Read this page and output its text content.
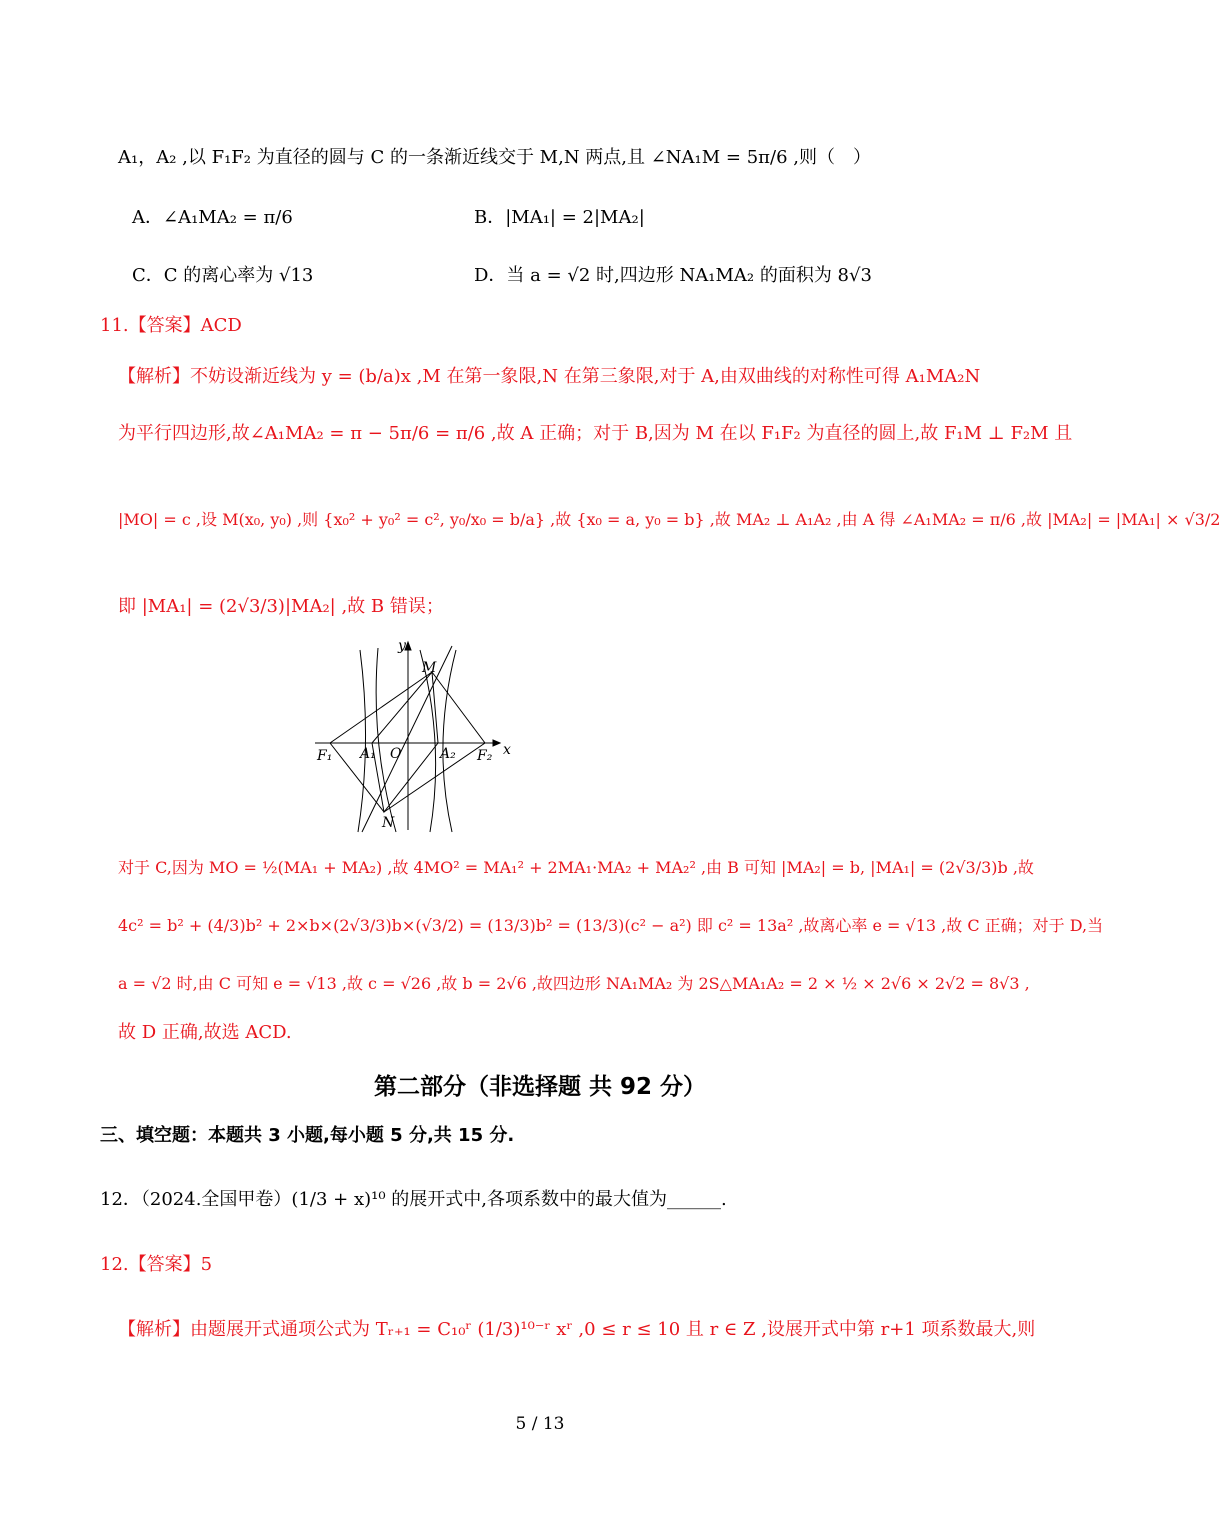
A₁，A₂ ,以 F₁F₂ 为直径的圆与 C 的一条渐近线交于 M,N 两点,且 ∠NA₁M = 5π/6 ,则（　）
A．∠A₁MA₂ = π/6	B．|MA₁| = 2|MA₂|
C．C 的离心率为 √13	D．当 a = √2 时,四边形 NA₁MA₂ 的面积为 8√3
11.【答案】ACD
【解析】不妨设渐近线为 y = (b/a)x ,M 在第一象限,N 在第三象限,对于 A,由双曲线的对称性可得 A₁MA₂N
为平行四边形,故∠A₁MA₂ = π − 5π/6 = π/6 ,故 A 正确；对于 B,因为 M 在以 F₁F₂ 为直径的圆上,故 F₁M ⊥ F₂M 且
|MO| = c ,设 M(x₀, y₀) ,则 {x₀² + y₀² = c², y₀/x₀ = b/a} ,故 {x₀ = a, y₀ = b} ,故 MA₂ ⊥ A₁A₂ ,由 A 得 ∠A₁MA₂ = π/6 ,故 |MA₂| = |MA₁| × √3/2
即 |MA₁| = (2√3/3)|MA₂| ,故 B 错误；
y
M
F₁ A₁ O	A₂ F₂ x
N
对于 C,因为 MO = ½(MA₁ + MA₂) ,故 4MO² = MA₁² + 2MA₁·MA₂ + MA₂² ,由 B 可知 |MA₂| = b, |MA₁| = (2√3/3)b ,故
4c² = b² + (4/3)b² + 2×b×(2√3/3)b×(√3/2) = (13/3)b² = (13/3)(c² − a²) 即 c² = 13a² ,故离心率 e = √13 ,故 C 正确；对于 D,当
a = √2 时,由 C 可知 e = √13 ,故 c = √26 ,故 b = 2√6 ,故四边形 NA₁MA₂ 为 2S△MA₁A₂ = 2 × ½ × 2√6 × 2√2 = 8√3 ,
故 D 正确,故选 ACD.
第二部分（非选择题 共 92 分）
三、填空题：本题共 3 小题,每小题 5 分,共 15 分.
12．（2024.全国甲卷）(1/3 + x)¹⁰ 的展开式中,各项系数中的最大值为______.
12.【答案】5
【解析】由题展开式通项公式为 Tᵣ₊₁ = C₁₀ʳ (1/3)¹⁰⁻ʳ xʳ ,0 ≤ r ≤ 10 且 r ∈ Z ,设展开式中第 r+1 项系数最大,则
5 / 13
